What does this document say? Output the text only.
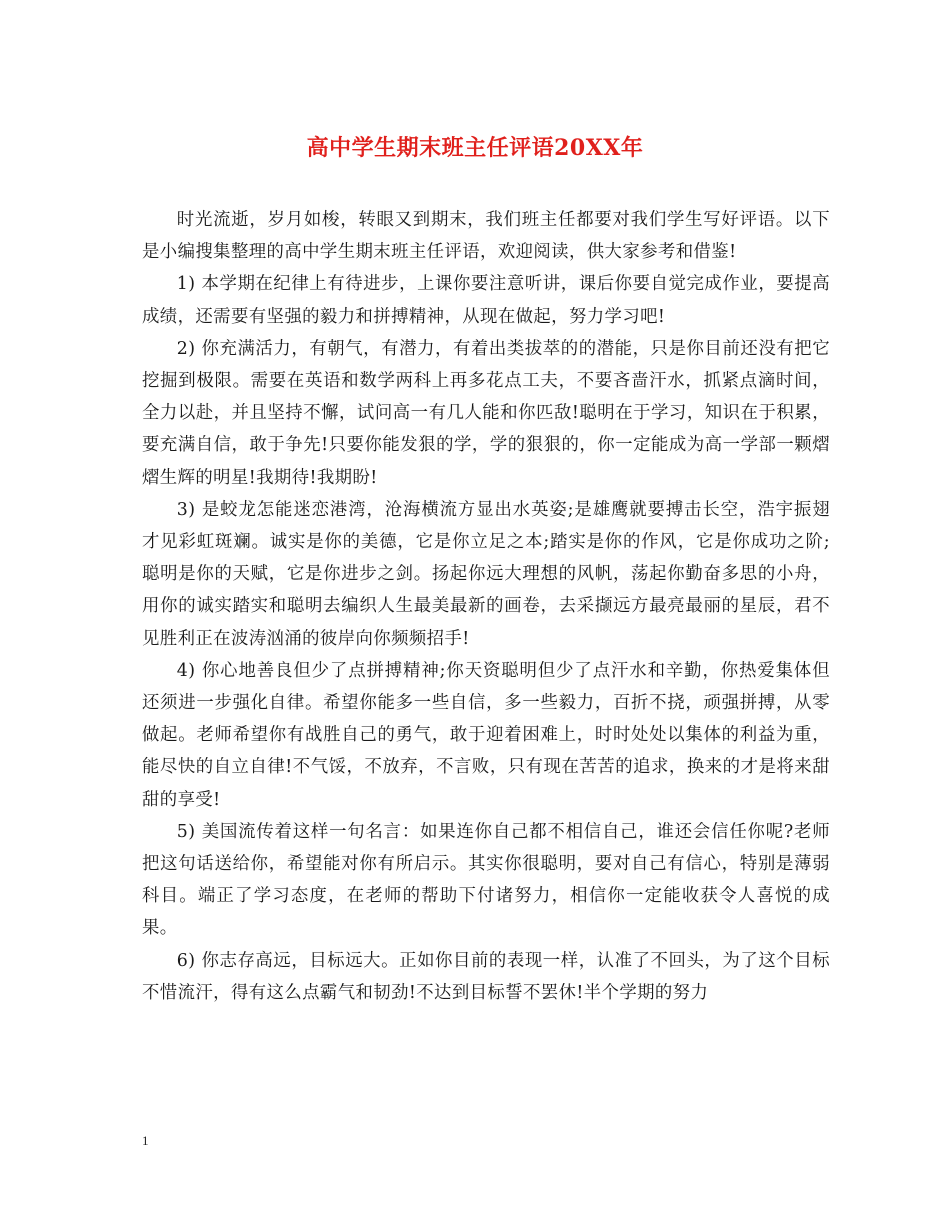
高中学生期末班主任评语20XX年

时光流逝，岁月如梭，转眼又到期末，我们班主任都要对我们学生写好评语。以下是小编搜集整理的高中学生期末班主任评语，欢迎阅读，供大家参考和借鉴!

1) 本学期在纪律上有待进步，上课你要注意听讲，课后你要自觉完成作业，要提高成绩，还需要有坚强的毅力和拼搏精神，从现在做起，努力学习吧!

2) 你充满活力，有朝气，有潜力，有着出类拔萃的的潜能，只是你目前还没有把它挖掘到极限。需要在英语和数学两科上再多花点工夫，不要吝啬汗水，抓紧点滴时间，全力以赴，并且坚持不懈，试问高一有几人能和你匹敌!聪明在于学习，知识在于积累，要充满自信，敢于争先!只要你能发狠的学，学的狠狠的，你一定能成为高一学部一颗熠熠生辉的明星!我期待!我期盼!

3) 是蛟龙怎能迷恋港湾，沧海横流方显出水英姿;是雄鹰就要搏击长空，浩宇振翅才见彩虹斑斓。诚实是你的美德，它是你立足之本;踏实是你的作风，它是你成功之阶;聪明是你的天赋，它是你进步之剑。扬起你远大理想的风帆，荡起你勤奋多思的小舟，用你的诚实踏实和聪明去编织人生最美最新的画卷，去采撷远方最亮最丽的星辰，君不见胜利正在波涛汹涌的彼岸向你频频招手!

4) 你心地善良但少了点拼搏精神;你天资聪明但少了点汗水和辛勤，你热爱集体但还须进一步强化自律。希望你能多一些自信，多一些毅力，百折不挠，顽强拼搏，从零做起。老师希望你有战胜自己的勇气，敢于迎着困难上，时时处处以集体的利益为重，能尽快的自立自律!不气馁，不放弃，不言败，只有现在苦苦的追求，换来的才是将来甜甜的享受!

5) 美国流传着这样一句名言：如果连你自己都不相信自己，谁还会信任你呢?老师把这句话送给你，希望能对你有所启示。其实你很聪明，要对自己有信心，特别是薄弱科目。端正了学习态度，在老师的帮助下付诸努力，相信你一定能收获令人喜悦的成果。

6) 你志存高远，目标远大。正如你目前的表现一样，认准了不回头，为了这个目标不惜流汗，得有这么点霸气和韧劲!不达到目标誓不罢休!半个学期的努力

1
